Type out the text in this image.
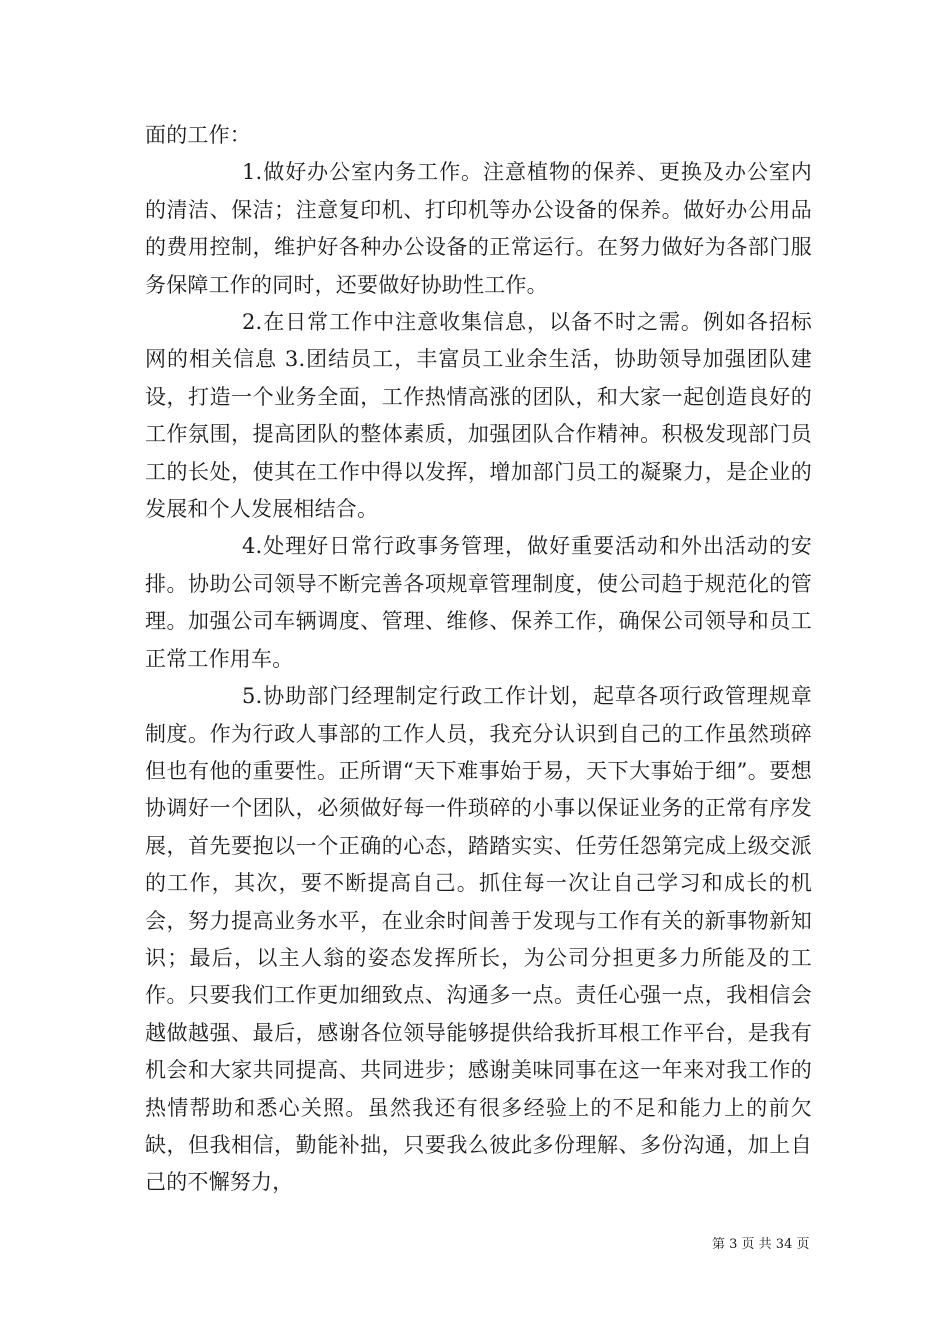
面的工作：

1.做好办公室内务工作。注意植物的保养、更换及办公室内的清洁、保洁；注意复印机、打印机等办公设备的保养。做好办公用品的费用控制，维护好各种办公设备的正常运行。在努力做好为各部门服务保障工作的同时，还要做好协助性工作。

2.在日常工作中注意收集信息，以备不时之需。例如各招标网的相关信息 3.团结员工，丰富员工业余生活，协助领导加强团队建设，打造一个业务全面，工作热情高涨的团队，和大家一起创造良好的工作氛围，提高团队的整体素质，加强团队合作精神。积极发现部门员工的长处，使其在工作中得以发挥，增加部门员工的凝聚力，是企业的发展和个人发展相结合。

4.处理好日常行政事务管理，做好重要活动和外出活动的安排。协助公司领导不断完善各项规章管理制度，使公司趋于规范化的管理。加强公司车辆调度、管理、维修、保养工作，确保公司领导和员工正常工作用车。

5.协助部门经理制定行政工作计划，起草各项行政管理规章制度。作为行政人事部的工作人员，我充分认识到自己的工作虽然琐碎但也有他的重要性。正所谓“天下难事始于易，天下大事始于细”。要想协调好一个团队，必须做好每一件琐碎的小事以保证业务的正常有序发展，首先要抱以一个正确的心态，踏踏实实、任劳任怨第完成上级交派的工作，其次，要不断提高自己。抓住每一次让自己学习和成长的机会，努力提高业务水平，在业余时间善于发现与工作有关的新事物新知识；最后，以主人翁的姿态发挥所长，为公司分担更多力所能及的工作。只要我们工作更加细致点、沟通多一点。责任心强一点，我相信会越做越强、最后，感谢各位领导能够提供给我折耳根工作平台，是我有机会和大家共同提高、共同进步；感谢美味同事在这一年来对我工作的热情帮助和悉心关照。虽然我还有很多经验上的不足和能力上的前欠缺，但我相信，勤能补拙，只要我么彼此多份理解、多份沟通，加上自己的不懈努力，

第 3 页 共 34 页
